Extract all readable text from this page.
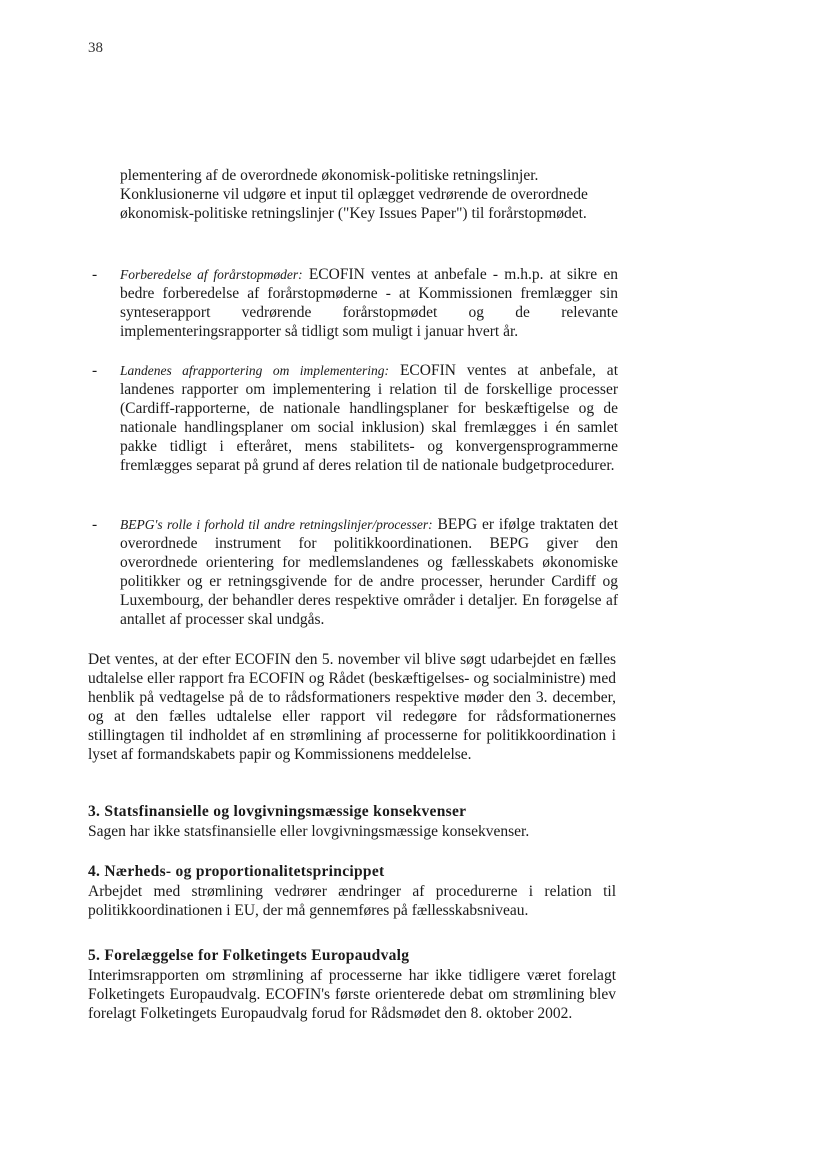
38

plementering af de overordnede økonomisk-politiske retningslinjer. Konklusionerne vil udgøre et input til oplægget vedrørende de overordnede økonomisk-politiske retningslinjer ("Key Issues Paper") til forårstopmødet.

- Forberedelse af forårstopmøder: ECOFIN ventes at anbefale - m.h.p. at sikre en bedre forberedelse af forårstopmøderne - at Kommissionen fremlægger sin synteserapport vedrørende forårstopmødet og de relevante implementeringsrapporter så tidligt som muligt i januar hvert år.
- Landenes afrapportering om implementering: ECOFIN ventes at anbefale, at landenes rapporter om implementering i relation til de forskellige processer (Cardiff-rapporterne, de nationale handlingsplaner for beskæftigelse og de nationale handlingsplaner om social inklusion) skal fremlægges i én samlet pakke tidligt i efteråret, mens stabilitets- og konvergensprogrammerne fremlægges separat på grund af deres relation til de nationale budgetprocedurer.
- BEPG's rolle i forhold til andre retningslinjer/processer: BEPG er ifølge traktaten det overordnede instrument for politikkoordinationen. BEPG giver den overordnede orientering for medlemslandenes og fællesskabets økonomiske politikker og er retningsgivende for de andre processer, herunder Cardiff og Luxembourg, der behandler deres respektive områder i detaljer. En forøgelse af antallet af processer skal undgås.

Det ventes, at der efter ECOFIN den 5. november vil blive søgt udarbejdet en fælles udtalelse eller rapport fra ECOFIN og Rådet (beskæftigelses- og socialministre) med henblik på vedtagelse på de to rådsformationers respektive møder den 3. december, og at den fælles udtalelse eller rapport vil redegøre for rådsformationernes stillingtagen til indholdet af en strømlining af processerne for politikkoordination i lyset af formandskabets papir og Kommissionens meddelelse.

3. Statsfinansielle og lovgivningsmæssige konsekvenser

Sagen har ikke statsfinansielle eller lovgivningsmæssige konsekvenser.

4. Nærheds- og proportionalitetsprincippet

Arbejdet med strømlining vedrører ændringer af procedurerne i relation til politikkoordinationen i EU, der må gennemføres på fællesskabsniveau.

5. Forelæggelse for Folketingets Europaudvalg

Interimsrapporten om strømlining af processerne har ikke tidligere været forelagt Folketingets Europaudvalg. ECOFIN's første orienterede debat om strømlining blev forelagt Folketingets Europaudvalg forud for Rådsmødet den 8. oktober 2002.
